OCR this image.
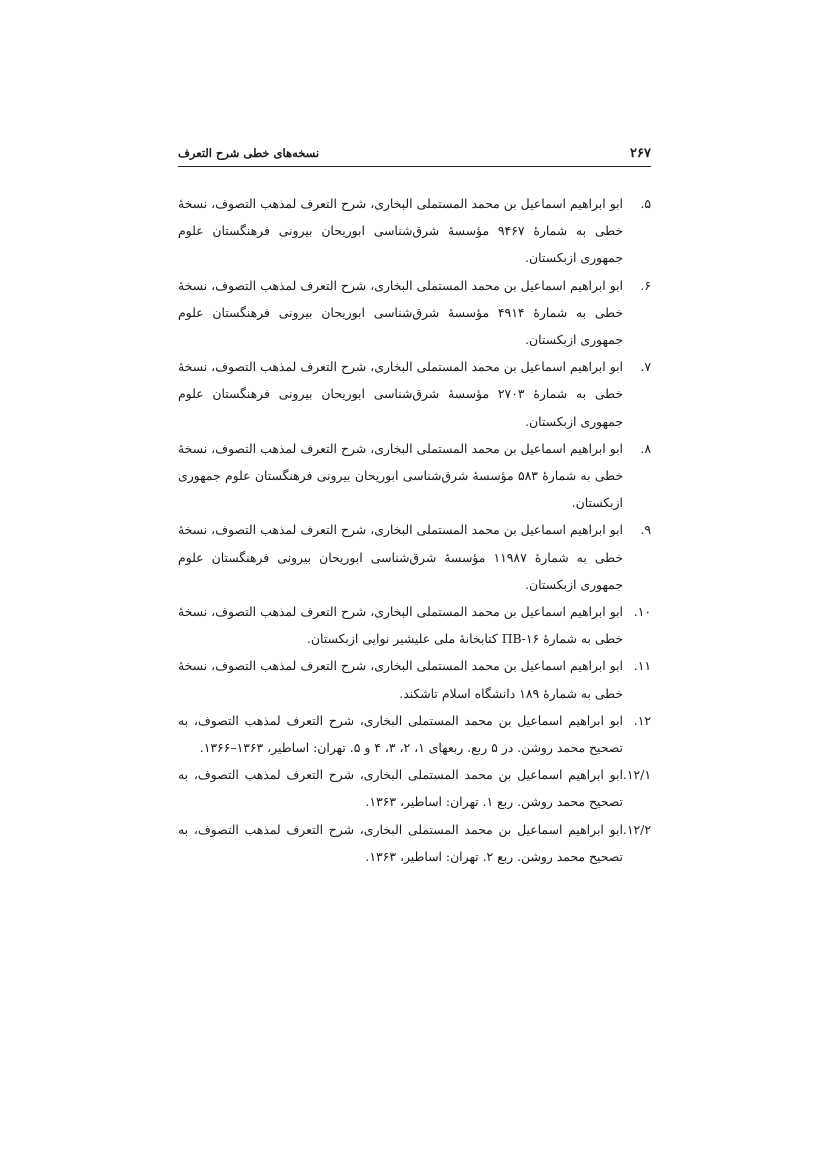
۲۶۷
نسخه‌های خطی شرح التعرف
۵.
ابو ابراهیم اسماعیل بن محمد المستملی البخاری، شرح التعرف لمذهب التصوف، نسخهٔ خطی به شمارهٔ ۹۴۶۷ مؤسسهٔ شرق‌شناسی ابوریحان بیرونی فرهنگستان علوم جمهوری ازبکستان.
۶.
ابو ابراهیم اسماعیل بن محمد المستملی البخاری، شرح التعرف لمذهب التصوف، نسخهٔ خطی به شمارهٔ ۴۹۱۴ مؤسسهٔ شرق‌شناسی ابوریحان بیرونی فرهنگستان علوم جمهوری ازبکستان.
۷.
ابو ابراهیم اسماعیل بن محمد المستملی البخاری، شرح التعرف لمذهب التصوف، نسخهٔ خطی به شمارهٔ ۲۷۰۳ مؤسسهٔ شرق‌شناسی ابوریحان بیرونی فرهنگستان علوم جمهوری ازبکستان.
۸.
ابو ابراهیم اسماعیل بن محمد المستملی البخاری، شرح التعرف لمذهب التصوف، نسخهٔ خطی به شمارهٔ ۵۸۳ مؤسسهٔ شرق‌شناسی ابوریحان بیرونی فرهنگستان علوم جمهوری ازبکستان.
۹.
ابو ابراهیم اسماعیل بن محمد المستملی البخاری، شرح التعرف لمذهب التصوف، نسخهٔ خطی به شمارهٔ ۱۱۹۸۷ مؤسسهٔ شرق‌شناسی ابوریحان بیرونی فرهنگستان علوم جمهوری ازبکستان.
۱۰.
ابو ابراهیم اسماعیل بن محمد المستملی البخاری، شرح التعرف لمذهب التصوف، نسخهٔ خطی به شمارهٔ ПВ-۱۶ کتابخانهٔ ملی علیشیر نوایی ازبکستان.
۱۱.
ابو ابراهیم اسماعیل بن محمد المستملی البخاری، شرح التعرف لمذهب التصوف، نسخهٔ خطی به شمارهٔ ۱۸۹ دانشگاه اسلام تاشکند.
۱۲.
ابو ابراهیم اسماعیل بن محمد المستملی البخاری، شرح التعرف لمذهب التصوف، به تصحیح محمد روشن. در ۵ ربع. ربعهای ۱، ۲، ۳، ۴ و ۵. تهران: اساطیر، ۱۳۶۳–۱۳۶۶.
۱۲/۱.
ابو ابراهیم اسماعیل بن محمد المستملی البخاری، شرح التعرف لمذهب التصوف، به تصحیح محمد روشن. ربع ۱. تهران: اساطیر، ۱۳۶۳.
۱۲/۲.
ابو ابراهیم اسماعیل بن محمد المستملی البخاری، شرح التعرف لمذهب التصوف، به تصحیح محمد روشن. ربع ۲. تهران: اساطیر، ۱۳۶۳.
